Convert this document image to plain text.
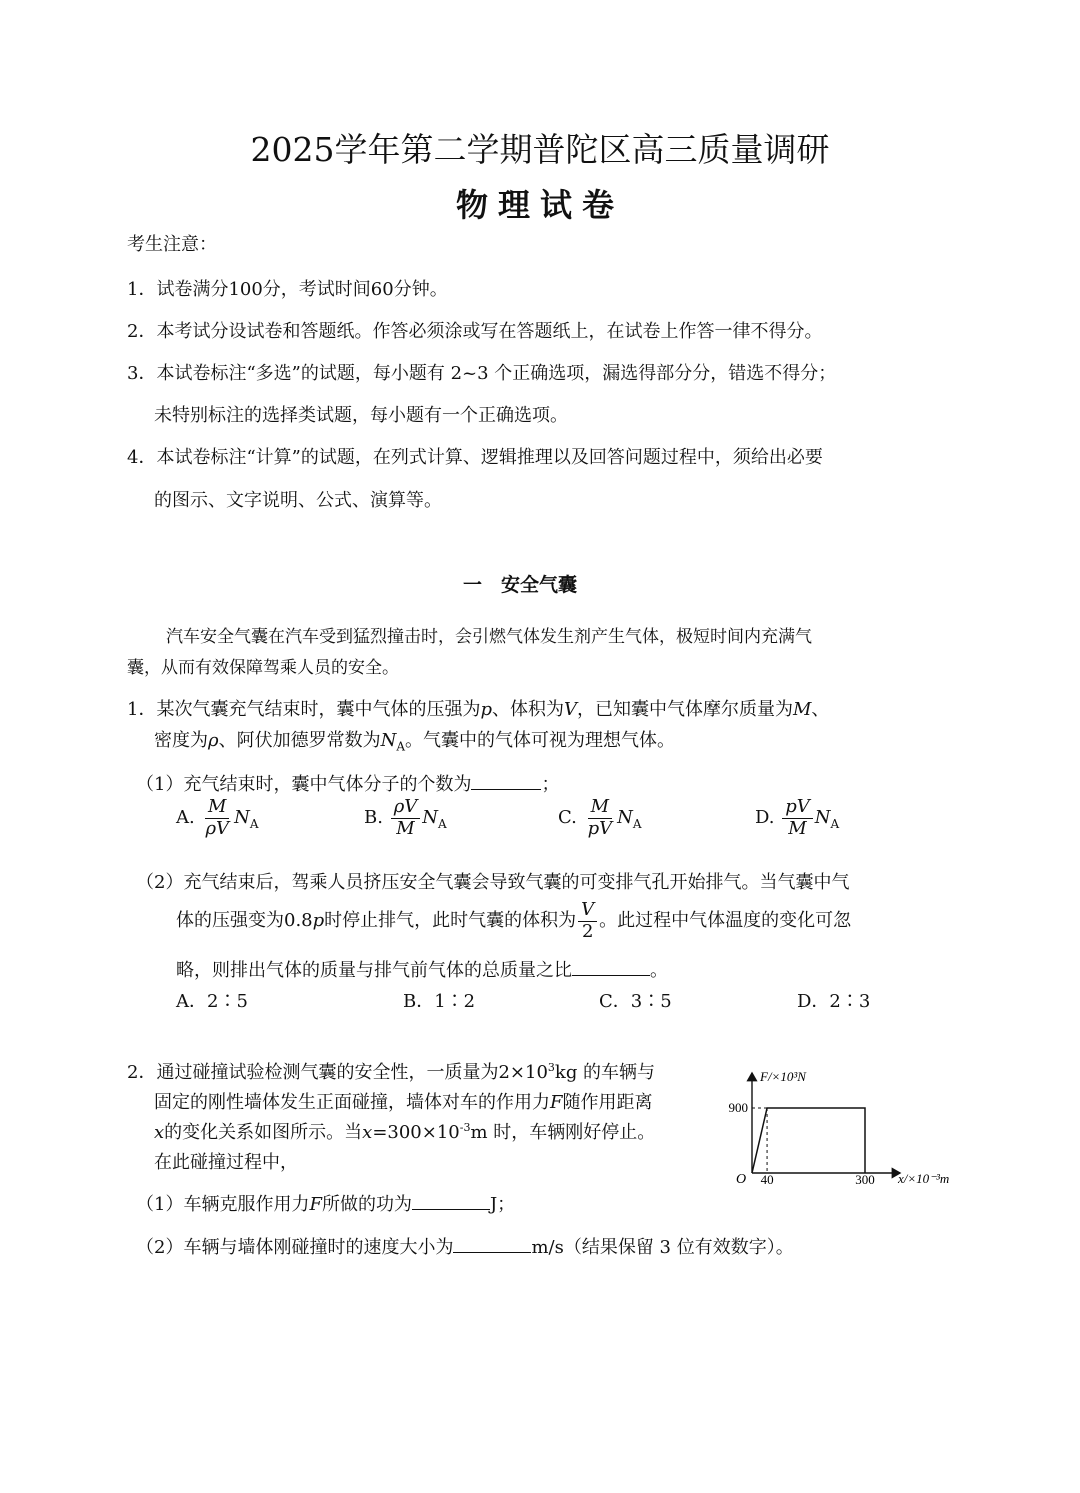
2025学年第二学期普陀区高三质量调研
物理试卷
考生注意：
1．试卷满分100分，考试时间60分钟。
2．本考试分设试卷和答题纸。作答必须涂或写在答题纸上，在试卷上作答一律不得分。
3．本试卷标注“多选”的试题，每小题有 2~3 个正确选项，漏选得部分分，错选不得分；
未特别标注的选择类试题，每小题有一个正确选项。
4．本试卷标注“计算”的试题，在列式计算、逻辑推理以及回答问题过程中，须给出必要
的图示、文字说明、公式、演算等。
一　安全气囊
汽车安全气囊在汽车受到猛烈撞击时，会引燃气体发生剂产生气体，极短时间内充满气
囊，从而有效保障驾乘人员的安全。
1．某次气囊充气结束时，囊中气体的压强为p、体积为V，已知囊中气体摩尔质量为M、
密度为ρ、阿伏加德罗常数为$N_A$。气囊中的气体可视为理想气体。
（1）充气结束时，囊中气体分子的个数为	；
A. $\frac{M}{\rho V} N_A$	B. $\frac{\rho V}{M} N_A$	C. $\frac{M}{pV} N_A$	D. $\frac{pV}{M} N_A$
（2）充气结束后，驾乘人员挤压安全气囊会导致气囊的可变排气孔开始排气。当气囊中气
体的压强变为0.8p时停止排气，此时气囊的体积为 $\frac{V}{2}$ 。此过程中气体温度的变化可忽
略，则排出气体的质量与排气前气体的总质量之比	。
A．2∶5	B．1∶2	C．3∶5	D．2∶3
2．通过碰撞试验检测气囊的安全性，一质量为$2\times 10^3kg$ 的车辆与
固定的刚性墙体发生正面碰撞，墙体对车的作用力F随作用距离
x的变化关系如图所示。当$x=300\times 10^{-3}m$ 时，车辆刚好停止。
在此碰撞过程中，
（1）车辆克服作用力F所做的功为	J；
（2）车辆与墙体刚碰撞时的速度大小为	m/s（结果保留 3 位有效数字）。
F/×10³N
x/×10⁻³m
O
900
40	300
